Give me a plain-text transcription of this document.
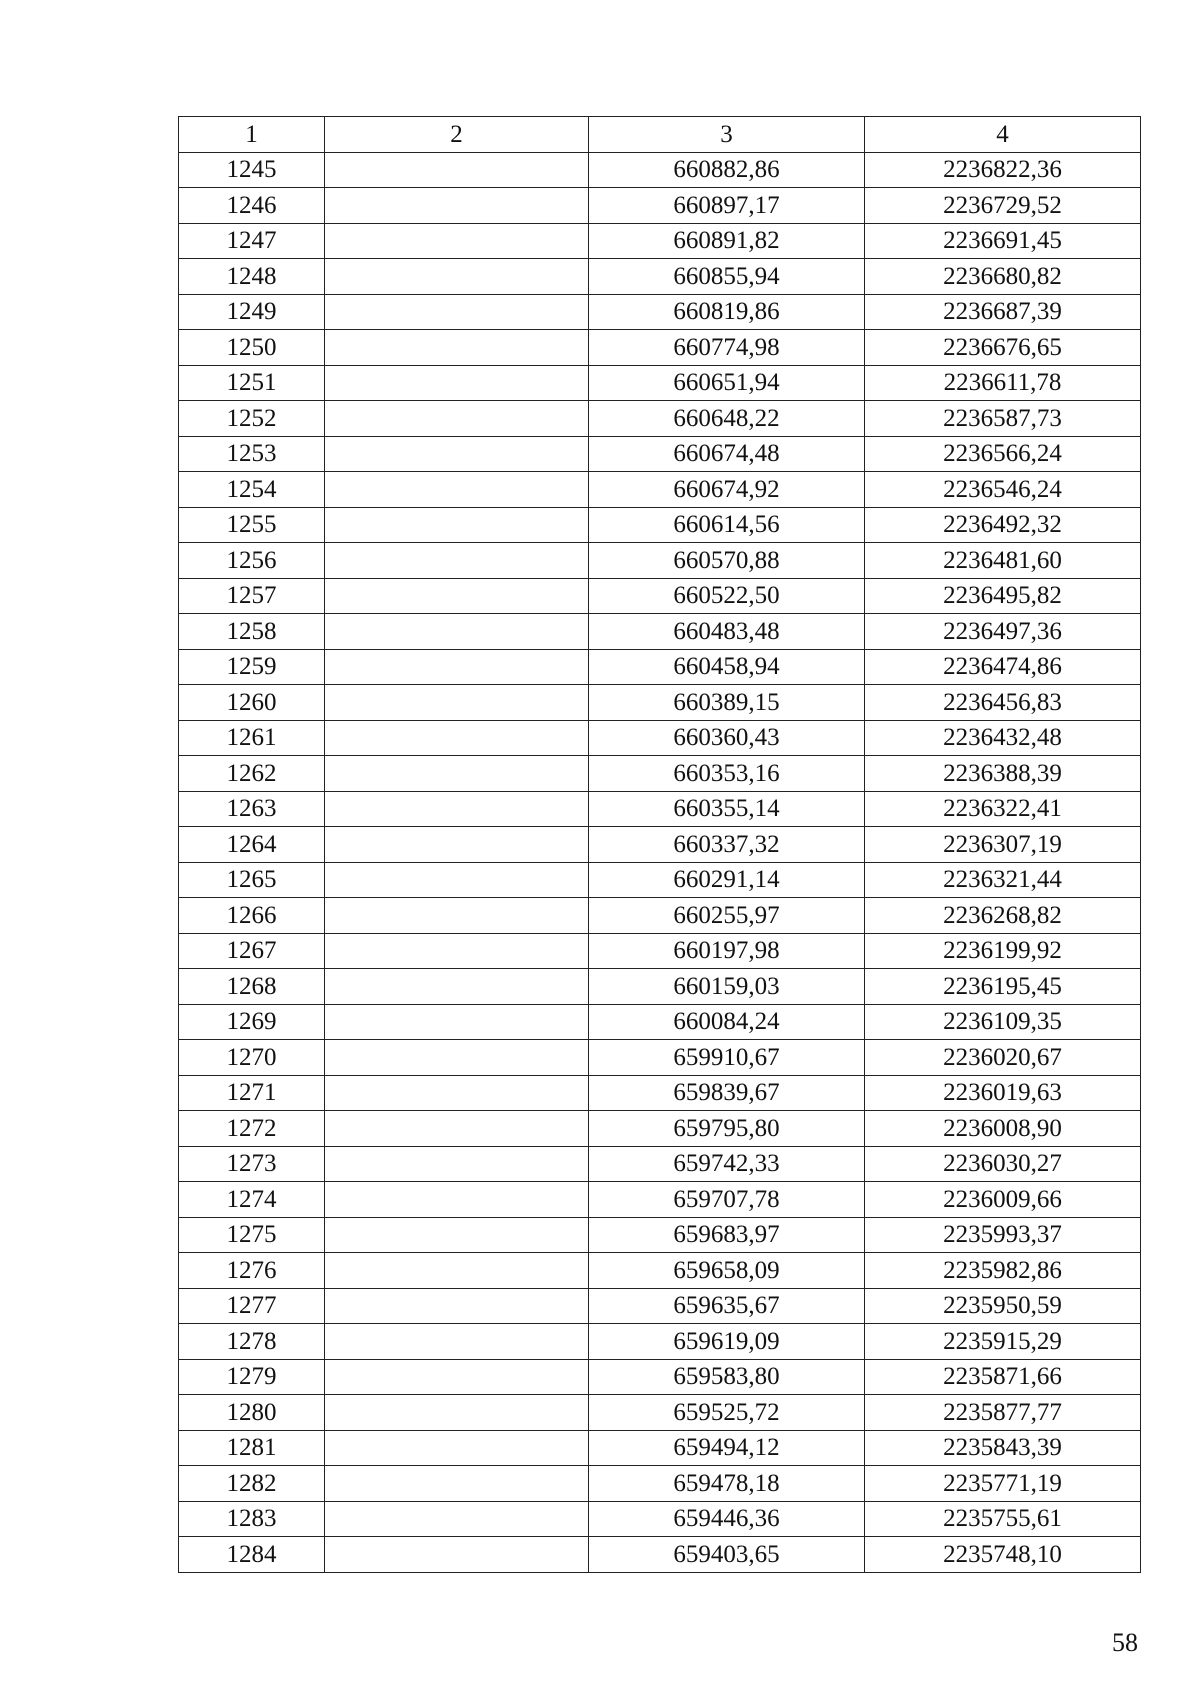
1	2	3	4
1245		660882,86	2236822,36
1246		660897,17	2236729,52
1247		660891,82	2236691,45
1248		660855,94	2236680,82
1249		660819,86	2236687,39
1250		660774,98	2236676,65
1251		660651,94	2236611,78
1252		660648,22	2236587,73
1253		660674,48	2236566,24
1254		660674,92	2236546,24
1255		660614,56	2236492,32
1256		660570,88	2236481,60
1257		660522,50	2236495,82
1258		660483,48	2236497,36
1259		660458,94	2236474,86
1260		660389,15	2236456,83
1261		660360,43	2236432,48
1262		660353,16	2236388,39
1263		660355,14	2236322,41
1264		660337,32	2236307,19
1265		660291,14	2236321,44
1266		660255,97	2236268,82
1267		660197,98	2236199,92
1268		660159,03	2236195,45
1269		660084,24	2236109,35
1270		659910,67	2236020,67
1271		659839,67	2236019,63
1272		659795,80	2236008,90
1273		659742,33	2236030,27
1274		659707,78	2236009,66
1275		659683,97	2235993,37
1276		659658,09	2235982,86
1277		659635,67	2235950,59
1278		659619,09	2235915,29
1279		659583,80	2235871,66
1280		659525,72	2235877,77
1281		659494,12	2235843,39
1282		659478,18	2235771,19
1283		659446,36	2235755,61
1284		659403,65	2235748,10
58
